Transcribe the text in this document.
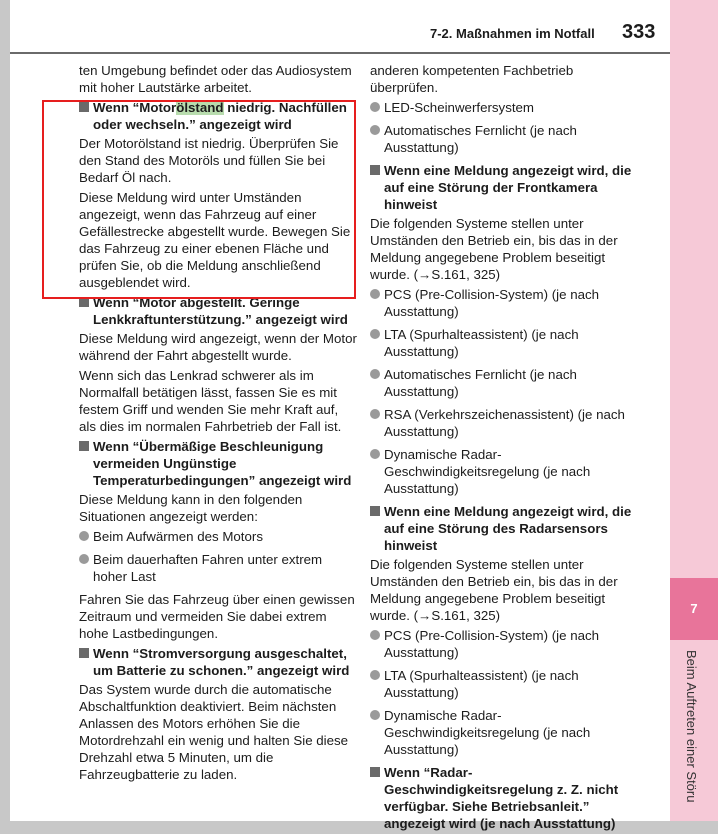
7-2. Maßnahmen im Notfall 333

ten Umgebung befindet oder das Audiosystem mit hoher Lautstärke arbeitet.

Wenn “Motorölstand niedrig. Nachfüllen oder wechseln.” angezeigt wird

Der Motorölstand ist niedrig. Überprüfen Sie den Stand des Motoröls und füllen Sie bei Bedarf Öl nach.

Diese Meldung wird unter Umständen angezeigt, wenn das Fahrzeug auf einer Gefällestrecke abgestellt wurde. Bewegen Sie das Fahrzeug zu einer ebenen Fläche und prüfen Sie, ob die Meldung anschließend ausgeblendet wird.

Wenn “Motor abgestellt. Geringe Lenkkraftunterstützung.” angezeigt wird

Diese Meldung wird angezeigt, wenn der Motor während der Fahrt abgestellt wurde.

Wenn sich das Lenkrad schwerer als im Normalfall betätigen lässt, fassen Sie es mit festem Griff und wenden Sie mehr Kraft auf, als dies im normalen Fahrbetrieb der Fall ist.

Wenn “Übermäßige Beschleunigung vermeiden Ungünstige Temperaturbedingungen” angezeigt wird

Diese Meldung kann in den folgenden Situationen angezeigt werden:

Beim Aufwärmen des Motors
Beim dauerhaften Fahren unter extrem hoher Last

Fahren Sie das Fahrzeug über einen gewissen Zeitraum und vermeiden Sie dabei extrem hohe Lastbedingungen.

Wenn “Stromversorgung ausgeschaltet, um Batterie zu schonen.” angezeigt wird

Das System wurde durch die automatische Abschaltfunktion deaktiviert. Beim nächsten Anlassen des Motors erhöhen Sie die Motordrehzahl ein wenig und halten Sie diese Drehzahl etwa 5 Minuten, um die Fahrzeugbatterie zu laden.

anderen kompetenten Fachbetrieb überprüfen.

LED-Scheinwerfersystem
Automatisches Fernlicht (je nach Ausstattung)
Wenn eine Meldung angezeigt wird, die auf eine Störung der Frontkamera hinweist

Die folgenden Systeme stellen unter Umständen den Betrieb ein, bis das in der Meldung angegebene Problem beseitigt wurde. (→S.161, 325)

PCS (Pre-Collision-System) (je nach Ausstattung)
LTA (Spurhalteassistent) (je nach Ausstattung)
Automatisches Fernlicht (je nach Ausstattung)
RSA (Verkehrszeichenassistent) (je nach Ausstattung)
Dynamische Radar-Geschwindigkeitsregelung (je nach Ausstattung)
Wenn eine Meldung angezeigt wird, die auf eine Störung des Radarsensors hinweist

Die folgenden Systeme stellen unter Umständen den Betrieb ein, bis das in der Meldung angegebene Problem beseitigt wurde. (→S.161, 325)

PCS (Pre-Collision-System) (je nach Ausstattung)
LTA (Spurhalteassistent) (je nach Ausstattung)
Dynamische Radar-Geschwindigkeitsregelung (je nach Ausstattung)
Wenn “Radar-Geschwindigkeitsregelung z. Z. nicht verfügbar. Siehe Betriebsanleit.” angezeigt wird (je nach Ausstattung)
7
Beim Auftreten einer Störu
